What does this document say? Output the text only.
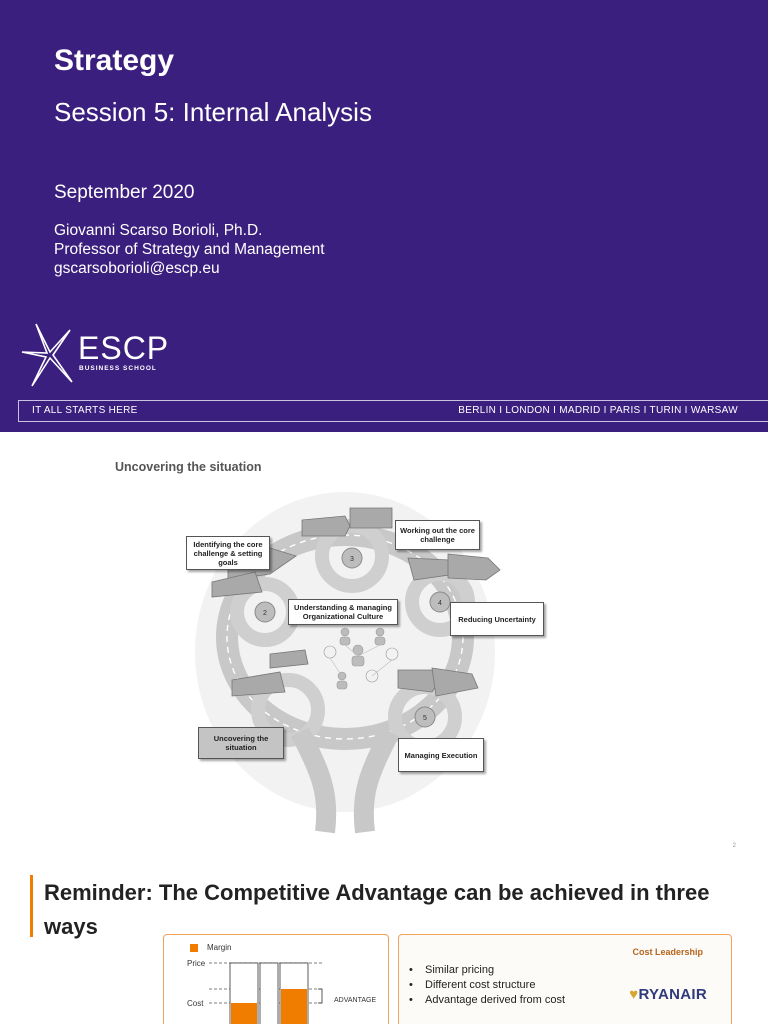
Strategy
Session 5: Internal Analysis
September 2020
Giovanni Scarso Borioli, Ph.D.
Professor of Strategy and Management
gscarsoborioli@escp.eu
ESCP
BUSINESS SCHOOL
IT ALL STARTS HERE	BERLIN I LONDON I MADRID I PARIS I TURIN I WARSAW
Uncovering the situation
3
2
4
5
Identifying the core challenge & setting goals
Working out the core challenge
Understanding & managing Organizational Culture	Reducing Uncertainty
Uncovering the situation
Managing Execution
2
Reminder: The Competitive Advantage can be achieved in three ways
Margin
Price
Cost	ADVANTAGE
Cost Leadership
• Similar pricing
• Different cost structure
• Advantage derived from cost	♥RYANAIR
